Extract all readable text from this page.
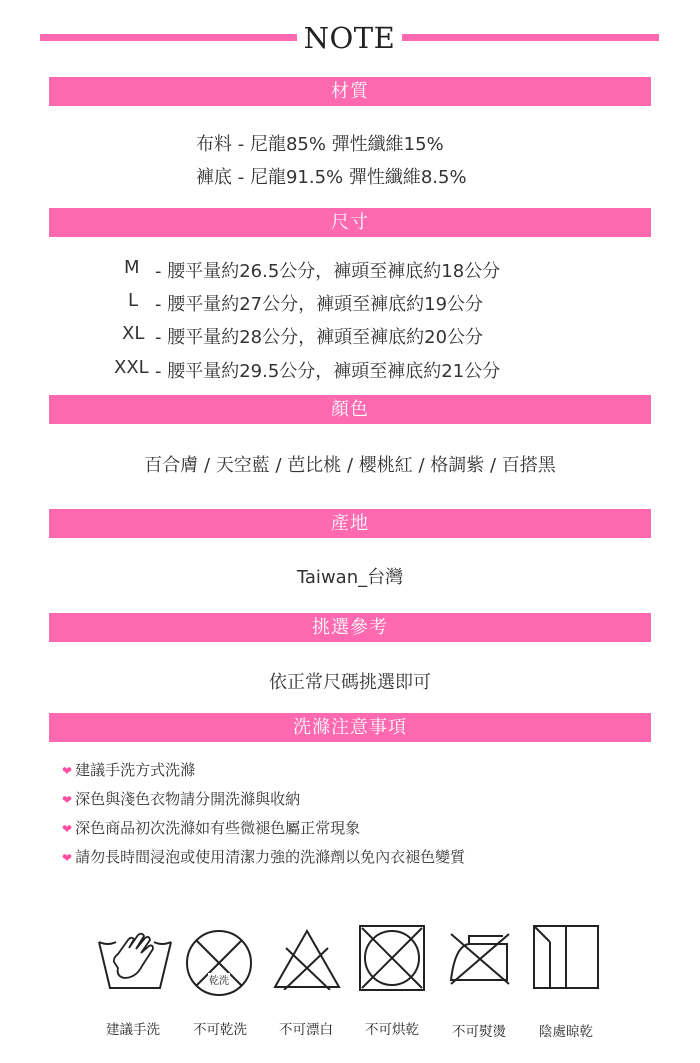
NOTE
材質
布料 - 尼龍85% 彈性纖維15%
褲底 - 尼龍91.5% 彈性纖維8.5%
尺寸
M - 腰平量約26.5公分，褲頭至褲底約18公分
L - 腰平量約27公分，褲頭至褲底約19公分
XL - 腰平量約28公分，褲頭至褲底約20公分
XXL - 腰平量約29.5公分，褲頭至褲底約21公分
顏色
百合膚 / 天空藍 / 芭比桃 / 櫻桃紅 / 格調紫 / 百搭黑
產地
Taiwan_台灣
挑選參考
依正常尺碼挑選即可
洗滌注意事項
❤ 建議手洗方式洗滌
❤ 深色與淺色衣物請分開洗滌與收納
❤ 深色商品初次洗滌如有些微褪色屬正常現象
❤ 請勿長時間浸泡或使用清潔力強的洗滌劑以免內衣褪色變質
乾洗
建議手洗	不可乾洗	不可漂白	不可烘乾	不可熨燙	陰處晾乾
